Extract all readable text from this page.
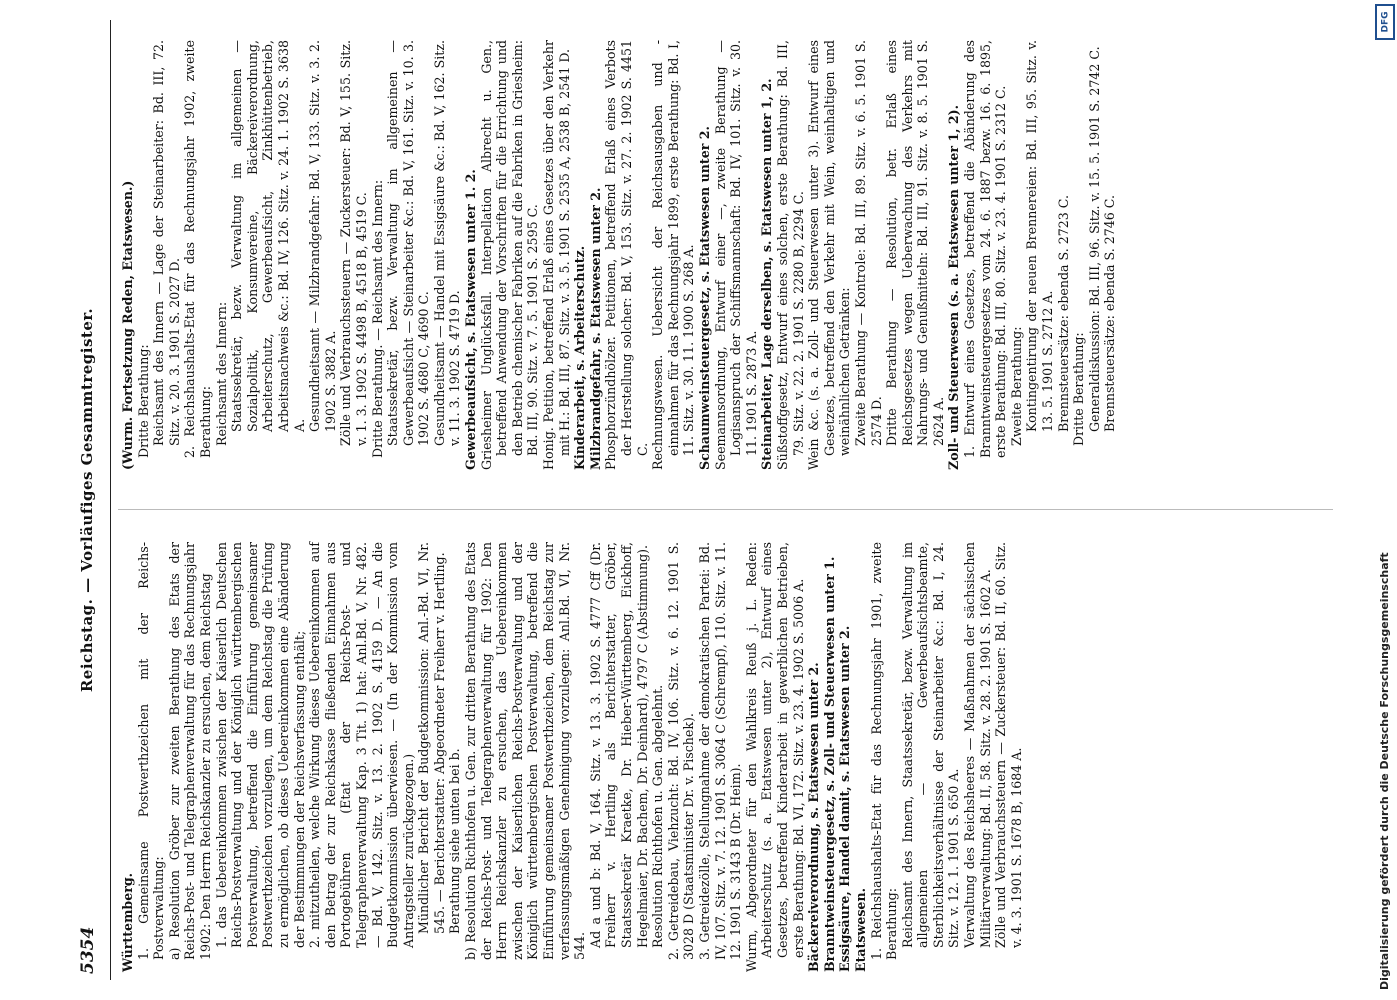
5354
Reichstag. — Vorläufiges Gesammtregister.

Württemberg. 1. Gemeinsame Postwerthzeichen mit der Reichs-Postverwaltung: a) Resolution Gröber zur zweiten Berathung des Etats der Reichs-Post- und Telegraphenverwaltung für das Rechnungsjahr 1902: Den Herrn Reichskanzler zu ersuchen, dem Reichstag 1. das Uebereinkommen zwischen der Kaiserlich Deutschen Reichs-Postverwaltung und der Königlich württembergischen Postverwaltung, betreffend die Einführung gemeinsamer Postwerthzeichen vorzulegen, um dem Reichstag die Prüfung zu ermöglichen, ob dieses Uebereinkommen eine Abänderung der Bestimmungen der Reichsverfassung enthält; 2. mitzutheilen, welche Wirkung dieses Uebereinkommen auf den Betrag der zur Reichskasse fließenden Einnahmen aus Portogebühren (Etat der Reichs-Post- und Telegraphenverwaltung Kap. 3 Tit. 1) hat: Anl.Bd. V, Nr. 482. — Bd. V, 142. Sitz. v. 13. 2. 1902 S. 4159 D. — An die Budgetkommission überwiesen. — (In der Kommission vom Antragsteller zurückgezogen.) Mündlicher Bericht der Budgetkommission: Anl.-Bd. VI, Nr. 545. — Berichterstatter: Abgeordneter Freiherr v. Hertling. Berathung siehe unten bei b. b) Resolution Richthofen u. Gen. zur dritten Berathung des Etats der Reichs-Post- und Telegraphenverwaltung für 1902: Den Herrn Reichskanzler zu ersuchen, das Uebereinkommen zwischen der Kaiserlichen Reichs-Postverwaltung und der Königlich württembergischen Postverwaltung, betreffend die Einführung gemeinsamer Postwerthzeichen, dem Reichstag zur verfassungsmäßigen Genehmigung vorzulegen: Anl.Bd. VI, Nr. 544. Ad a und b: Bd. V, 164. Sitz. v. 13. 3. 1902 S. 4777 Cff (Dr. Freiherr v. Hertling als Berichterstatter, Gröber, Staatssekretär Kraetke, Dr. Hieber-Württemberg, Eickhoff, Hegelmaier, Dr. Bachem, Dr. Deinhard), 4797 C (Abstimmung). Resolution Richthofen u. Gen. abgelehnt. 2. Getreidebau, Viehzucht: Bd. IV, 106. Sitz. v. 6. 12. 1901 S. 3028 D (Staatsminister Dr. v. Pischek). 3. Getreidezölle, Stellungnahme der demokratischen Partei: Bd. IV, 107. Sitz. v. 7. 12. 1901 S. 3064 C (Schrempf), 110. Sitz. v. 11. 12. 1901 S. 3143 B (Dr. Heim). Wurm, Abgeordneter für den Wahlkreis Reuß j. L. Reden: Arbeiterschutz (s. a. Etatswesen unter 2), Entwurf eines Gesetzes, betreffend Kinderarbeit in gewerblichen Betrieben, erste Berathung: Bd. VI, 172. Sitz. v. 23. 4. 1902 S. 5006 A. Bäckereiverordnung, s. Etatswesen unter 2. Branntweinsteuergesetz, s. Zoll- und Steuerwesen unter 1. Essigsäure, Handel damit, s. Etatswesen unter 2. Etatswesen. 1. Reichshaushalts-Etat für das Rechnungsjahr 1901, zweite Berathung: Reichsamt des Innern, Staatssekretär, bezw. Verwaltung im allgemeinen — Gewerbeaufsichtsbeamte, Sterblichkeitsverhältnisse der Steinarbeiter &c.: Bd. I, 24. Sitz. v. 12. 1. 1901 S. 650 A. Verwaltung des Reichsheeres — Maßnahmen der sächsischen Militärverwaltung: Bd. II, 58. Sitz. v. 28. 2. 1901 S. 1602 A. Zölle und Verbrauchssteuern — Zuckersteuer: Bd. II, 60. Sitz. v. 4. 3. 1901 S. 1678 B, 1684 A.

(Wurm. Fortsetzung Reden, Etatswesen.) Dritte Berathung: Reichsamt des Innern — Lage der Steinarbeiter: Bd. III, 72. Sitz. v. 20. 3. 1901 S. 2027 D. 2. Reichshaushalts-Etat für das Rechnungsjahr 1902, zweite Berathung: Reichsamt des Innern: Staatssekretär, bezw. Verwaltung im allgemeinen — Sozialpolitik, Konsumvereine, Bäckereiverordnung, Arbeiterschutz, Gewerbeaufsicht, Zinkhüttenbetrieb, Arbeitsnachweis &c.: Bd. IV, 126. Sitz. v. 24. 1. 1902 S. 3638 A. Gesundheitsamt — Milzbrandgefahr: Bd. V, 133. Sitz. v. 3. 2. 1902 S. 3882 A. Zölle und Verbrauchssteuern — Zuckersteuer: Bd. V, 155. Sitz. v. 1. 3. 1902 S. 4498 B, 4518 B, 4519 C. Dritte Berathung. — Reichsamt des Innern: Staatssekretär, bezw. Verwaltung im allgemeinen — Gewerbeaufsicht — Steinarbeiter &c.: Bd. V, 161. Sitz. v. 10. 3. 1902 S. 4680 C, 4690 C. Gesundheitsamt — Handel mit Essigsäure &c.: Bd. V, 162. Sitz. v. 11. 3. 1902 S. 4719 D. Gewerbeaufsicht, s. Etatswesen unter 1. 2. Griesheimer Unglücksfall. Interpellation Albrecht u. Gen., betreffend Anwendung der Vorschriften für die Errichtung und den Betrieb chemischer Fabriken auf die Fabriken in Griesheim: Bd. III, 90. Sitz. v. 7. 5. 1901 S. 2595 C. Honig. Petition, betreffend Erlaß eines Gesetzes über den Verkehr mit H.: Bd. III, 87. Sitz. v. 3. 5. 1901 S. 2535 A, 2538 B, 2541 D. Kinderarbeit, s. Arbeiterschutz. Milzbrandgefahr, s. Etatswesen unter 2. Phosphorzündhölzer. Petitionen, betreffend Erlaß eines Verbots der Herstellung solcher: Bd. V, 153. Sitz. v. 27. 2. 1902 S. 4451 C. Rechnungswesen. Uebersicht der Reichsausgaben und -einnahmen für das Rechnungsjahr 1899, erste Berathung: Bd. I, 11. Sitz. v. 30. 11. 1900 S. 268 A. Schaumweinsteuergesetz, s. Etatswesen unter 2. Seemannsordnung, Entwurf einer —, zweite Berathung — Logisanspruch der Schiffsmannschaft: Bd. IV, 101. Sitz. v. 30. 11. 1901 S. 2873 A. Steinarbeiter, Lage derselben, s. Etatswesen unter 1, 2. Süßstoffgesetz, Entwurf eines solchen, erste Berathung: Bd. III, 79. Sitz. v. 22. 2. 1901 S. 2280 B, 2294 C. Wein &c. (s. a. Zoll- und Steuerwesen unter 3). Entwurf eines Gesetzes, betreffend den Verkehr mit Wein, weinhaltigen und weinähnlichen Getränken: Zweite Berathung — Kontrole: Bd. III, 89. Sitz. v. 6. 5. 1901 S. 2574 D. Dritte Berathung — Resolution, betr. Erlaß eines Reichsgesetzes wegen Ueberwachung des Verkehrs mit Nahrungs- und Genußmitteln: Bd. III, 91. Sitz. v. 8. 5. 1901 S. 2624 A. Zoll- und Steuerwesen (s. a. Etatswesen unter 1, 2). 1. Entwurf eines Gesetzes, betreffend die Abänderung des Branntweinsteuergesetzes vom 24. 6. 1887 bezw. 16. 6. 1895, erste Berathung: Bd. III, 80. Sitz. v. 23. 4. 1901 S. 2312 C. Zweite Berathung: Kontingentirung der neuen Brennereien: Bd. III, 95. Sitz. v. 13. 5. 1901 S. 2712 A. Brennsteuersätze: ebenda S. 2723 C. Dritte Berathung: Generaldiskussion: Bd. III, 96. Sitz. v. 15. 5. 1901 S. 2742 C. Brennsteuersätze: ebenda S. 2746 C.

Digitalisierung gefördert durch die Deutsche Forschungsgemeinschaft
DFG
